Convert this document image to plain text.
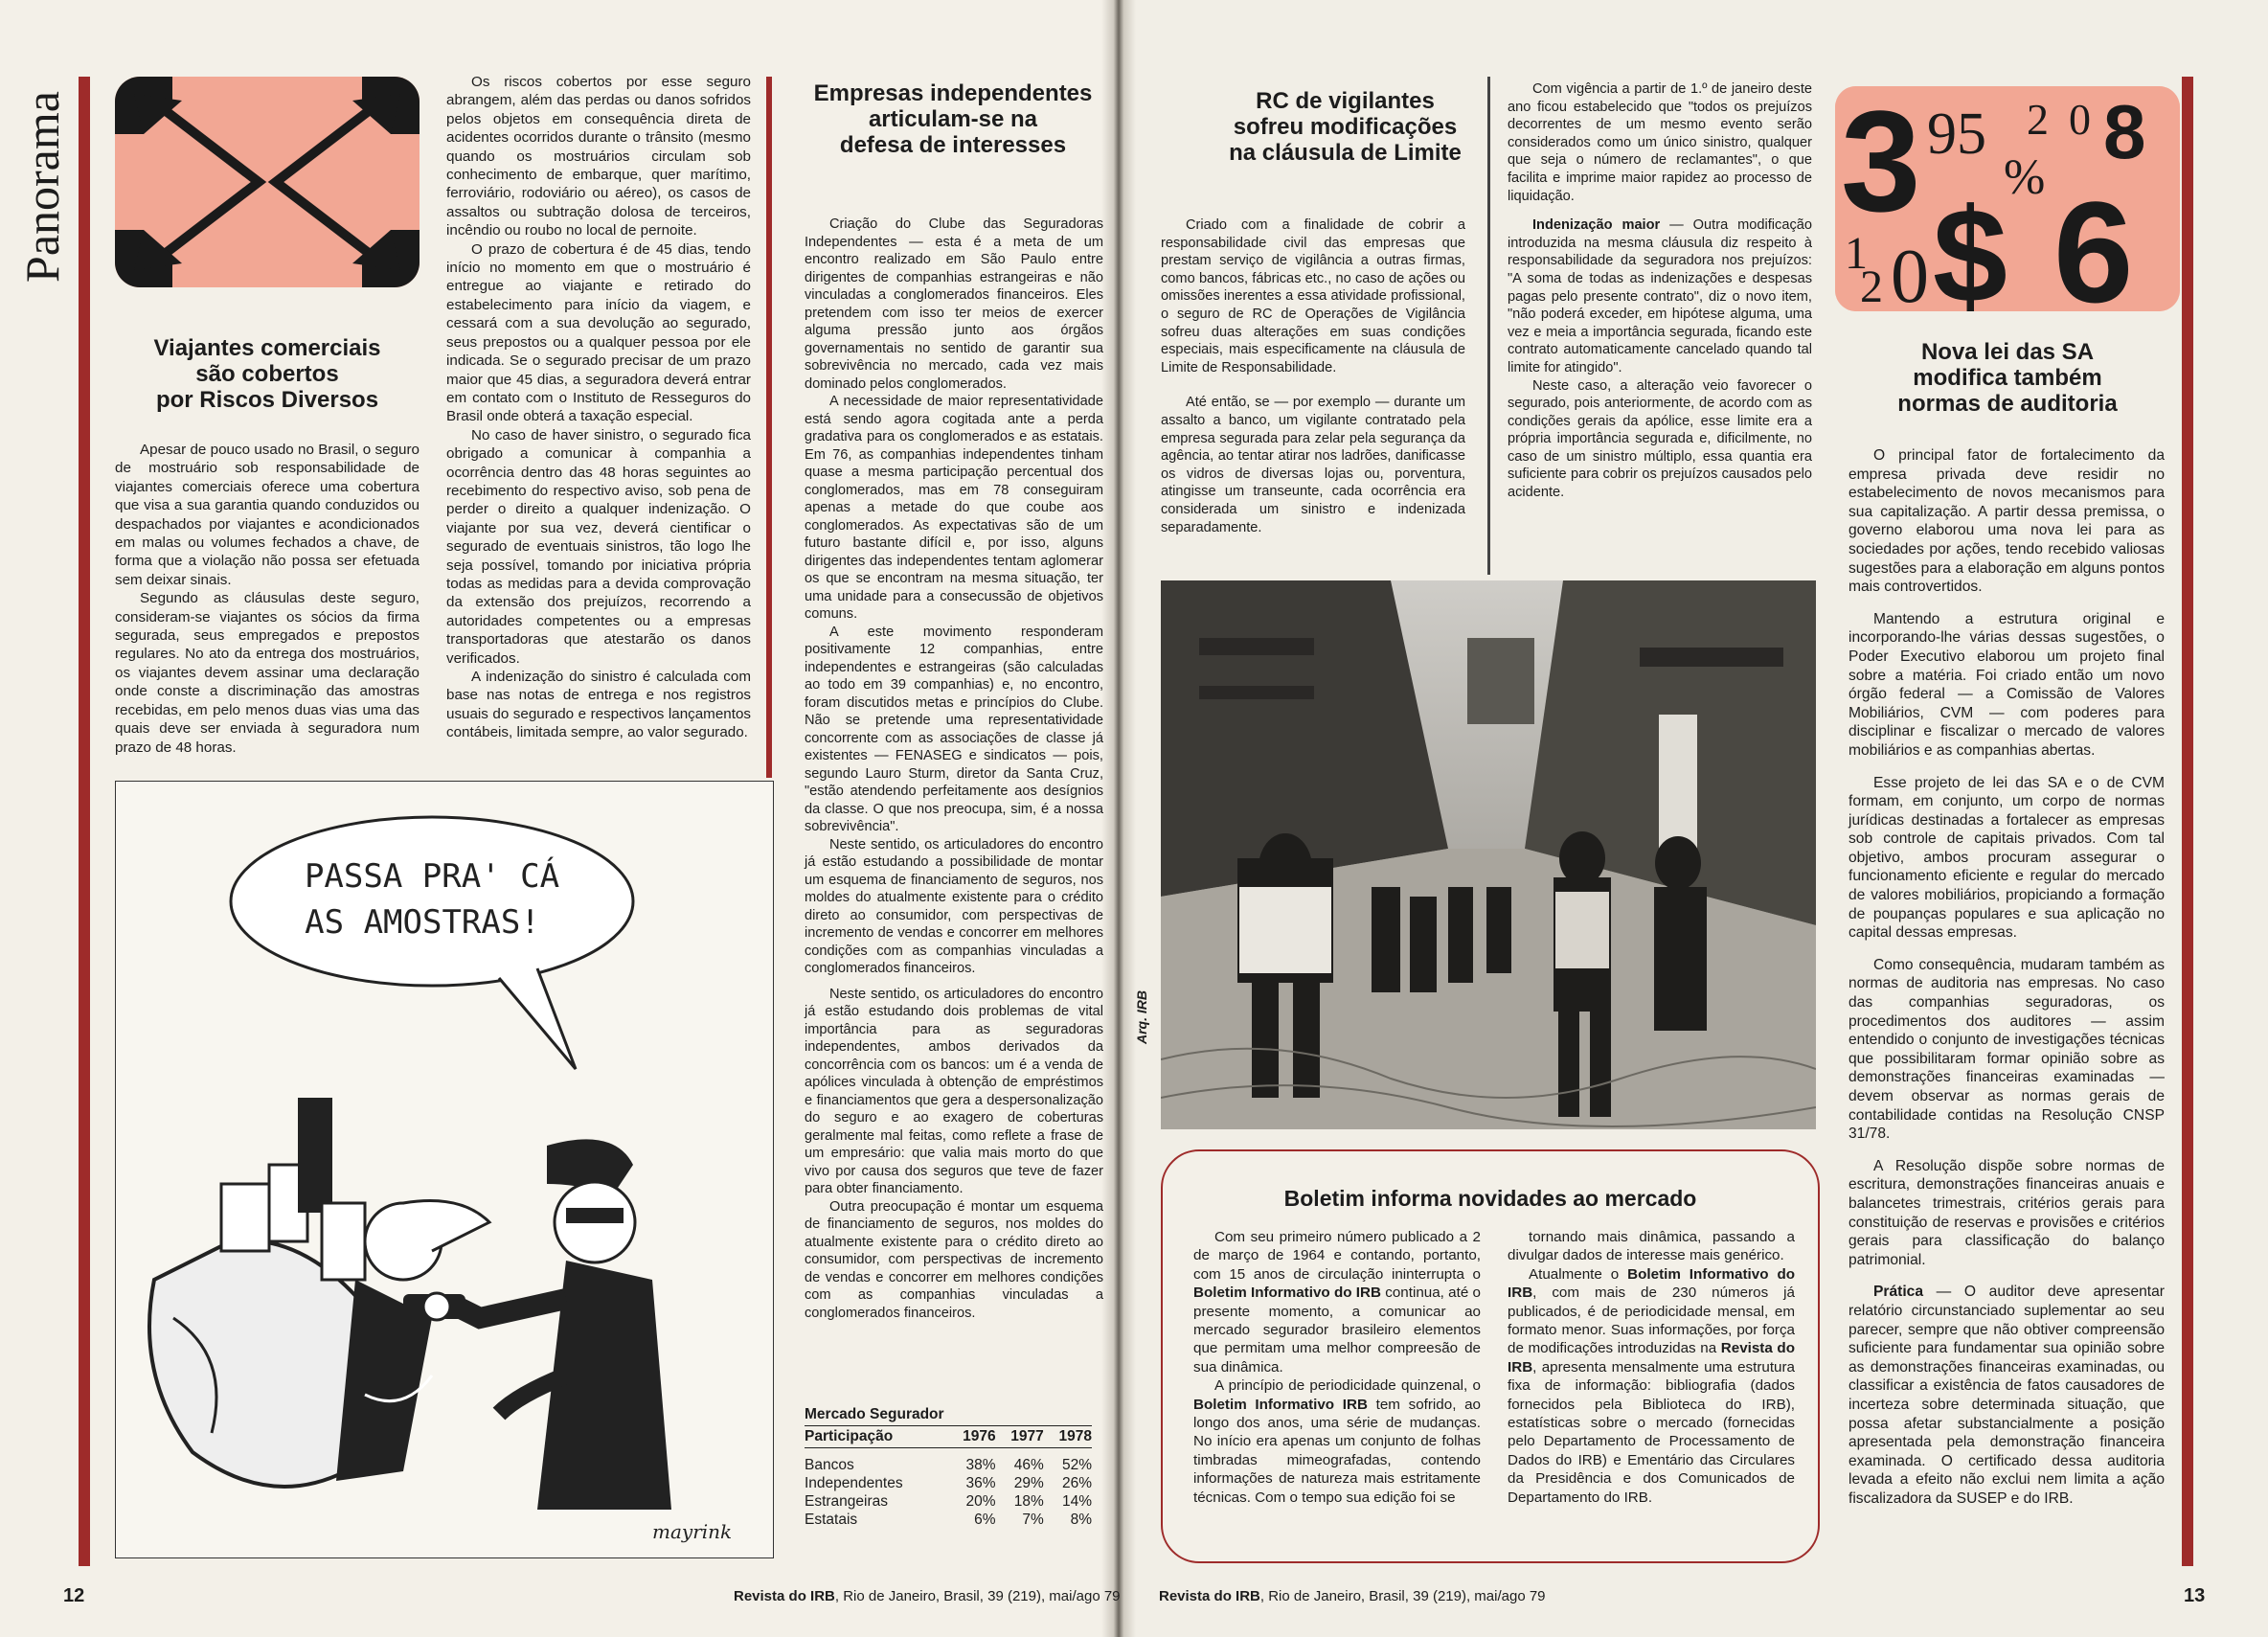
Panorama
Viajantes comerciais
são cobertos
por Riscos Diversos

Apesar de pouco usado no Brasil, o seguro de mostruário sob responsabilidade de viajantes comerciais oferece uma cobertura que visa a sua garantia quando conduzidos ou despachados por viajantes e acondicionados em malas ou volumes fechados a chave, de forma que a violação não possa ser efetuada sem deixar sinais.

Segundo as cláusulas deste seguro, consideram-se viajantes os sócios da firma segurada, seus empregados e prepostos regulares. No ato da entrega dos mostruários, os viajantes devem assinar uma declaração onde conste a discriminação das amostras recebidas, em pelo menos duas vias uma das quais deve ser enviada à seguradora num prazo de 48 horas.

Os riscos cobertos por esse seguro abrangem, além das perdas ou danos sofridos pelos objetos em consequência direta de acidentes ocorridos durante o trânsito (mesmo quando os mostruários circulam sob conhecimento de embarque, quer marítimo, ferroviário, rodoviário ou aéreo), os casos de assaltos ou subtração dolosa de terceiros, incêndio ou roubo no local de pernoite.

O prazo de cobertura é de 45 dias, tendo início no momento em que o mostruário é entregue ao viajante e retirado do estabelecimento para início da viagem, e cessará com a sua devolução ao segurado, seus prepostos ou a qualquer pessoa por ele indicada. Se o segurado precisar de um prazo maior que 45 dias, a seguradora deverá entrar em contato com o Instituto de Resseguros do Brasil onde obterá a taxação especial.

No caso de haver sinistro, o segurado fica obrigado a comunicar à companhia a ocorrência dentro das 48 horas seguintes ao recebimento do respectivo aviso, sob pena de perder o direito a qualquer indenização. O viajante por sua vez, deverá cientificar o segurado de eventuais sinistros, tão logo lhe seja possível, tomando por iniciativa própria todas as medidas para a devida comprovação da extensão dos prejuízos, recorrendo a autoridades competentes ou a empresas transportadoras que atestarão os danos verificados.

A indenização do sinistro é calculada com base nas notas de entrega e nos registros usuais do segurado e respectivos lançamentos contábeis, limitada sempre, ao valor segurado.

PASSA PRA' CÁ
AS AMOSTRAS!
mayrink
Empresas independentes
articulam-se na
defesa de interesses

Criação do Clube das Seguradoras Independentes — esta é a meta de um encontro realizado em São Paulo entre dirigentes de companhias estrangeiras e não vinculadas a conglomerados financeiros. Eles pretendem com isso ter meios de exercer alguma pressão junto aos órgãos governamentais no sentido de garantir sua sobrevivência no mercado, cada vez mais dominado pelos conglomerados.

A necessidade de maior representatividade está sendo agora cogitada ante a perda gradativa para os conglomerados e as estatais. Em 76, as companhias independentes tinham quase a mesma participação percentual dos conglomerados, mas em 78 conseguiram apenas a metade do que coube aos conglomerados. As expectativas são de um futuro bastante difícil e, por isso, alguns dirigentes das independentes tentam aglomerar os que se encontram na mesma situação, ter uma unidade para a consecussão de objetivos comuns.

A este movimento responderam positivamente 12 companhias, entre independentes e estrangeiras (são calculadas ao todo em 39 companhias) e, no encontro, foram discutidos metas e princípios do Clube. Não se pretende uma representatividade concorrente com as associações de classe já existentes — FENASEG e sindicatos — pois, segundo Lauro Sturm, diretor da Santa Cruz, "estão atendendo perfeitamente aos desígnios da classe. O que nos preocupa, sim, é a nossa sobrevivência".

Neste sentido, os articuladores do encontro já estão estudando a possibilidade de montar um esquema de financiamento de seguros, nos moldes do atualmente existente para o crédito direto ao consumidor, com perspectivas de incremento de vendas e concorrer em melhores condições com as companhias vinculadas a conglomerados financeiros.

Neste sentido, os articuladores do encontro já estão estudando dois problemas de vital importância para as seguradoras independentes, ambos derivados da concorrência com os bancos: um é a venda de apólices vinculada à obtenção de empréstimos e financiamentos que gera a despersonalização do seguro e ao exagero de coberturas geralmente mal feitas, como reflete a frase de um empresário: que valia mais morto do que vivo por causa dos seguros que teve de fazer para obter financiamento.

Outra preocupação é montar um esquema de financiamento de seguros, nos moldes do atualmente existente para o crédito direto ao consumidor, com perspectivas de incremento de vendas e concorrer em melhores condições com as companhias vinculadas a conglomerados financeiros.

Mercado Segurador
Participação	1976	1977	1978

Bancos	38%	46%	52%
Independentes	36%	29%	26%
Estrangeiras	20%	18%	14%
Estatais	6%	7%	8%
12	Revista do IRB, Rio de Janeiro, Brasil, 39 (219), mai/ago 79
RC de vigilantes
sofreu modificações
na cláusula de Limite

Criado com a finalidade de cobrir a responsabilidade civil das empresas que prestam serviço de vigilância a outras firmas, como bancos, fábricas etc., no caso de ações ou omissões inerentes a essa atividade profissional, o seguro de RC de Operações de Vigilância sofreu duas alterações em suas condições especiais, mais especificamente na cláusula de Limite de Responsabilidade.

Até então, se — por exemplo — durante um assalto a banco, um vigilante contratado pela empresa segurada para zelar pela segurança da agência, ao tentar atirar nos ladrões, danificasse os vidros de diversas lojas ou, porventura, atingisse um transeunte, cada ocorrência era considerada um sinistro e indenizada separadamente.

Com vigência a partir de 1.º de janeiro deste ano ficou estabelecido que "todos os prejuízos decorrentes de um mesmo evento serão considerados como um único sinistro, qualquer que seja o número de reclamantes", o que facilita e imprime maior rapidez ao processo de liquidação.

Indenização maior — Outra modificação introduzida na mesma cláusula diz respeito à responsabilidade da seguradora nos prejuízos: "A soma de todas as indenizações e despesas pagas pelo presente contrato", diz o novo item, "não poderá exceder, em hipótese alguma, uma vez e meia a importância segurada, ficando este contrato automaticamente cancelado quando tal limite for atingido".

Neste caso, a alteração veio favorecer o segurado, pois anteriormente, de acordo com as condições gerais da apólice, esse limite era a própria importância segurada e, dificilmente, no caso de um sinistro múltiplo, essa quantia era suficiente para cobrir os prejuízos causados pelo acidente.

Arq. IRB
Boletim informa novidades ao mercado

Com seu primeiro número publicado a 2 de março de 1964 e contando, portanto, com 15 anos de circulação ininterrupta o Boletim Informativo do IRB continua, até o presente momento, a comunicar ao mercado segurador brasileiro elementos que permitam uma melhor compreesão de sua dinâmica.

A princípio de periodicidade quinzenal, o Boletim Informativo IRB tem sofrido, ao longo dos anos, uma série de mudanças. No início era apenas um conjunto de folhas timbradas mimeografadas, contendo informações de natureza mais estritamente técnicas. Com o tempo sua edição foi se

tornando mais dinâmica, passando a divulgar dados de interesse mais genérico.

Atualmente o Boletim Informativo do IRB, com mais de 230 números já publicados, é de periodicidade mensal, em formato menor. Suas informações, por força de modificações introduzidas na Revista do IRB, apresenta mensalmente uma estrutura fixa de informação: bibliografia (dados fornecidos pela Biblioteca do IRB), estatísticas sobre o mercado (fornecidas pelo Departamento de Processamento de Dados do IRB) e Ementário das Circulares da Presidência e dos Comunicados de Departamento do IRB.

3 95
%
2 0 8
1
2 0 $ 6
Nova lei das SA
modifica também
normas de auditoria

O principal fator de fortalecimento da empresa privada deve residir no estabelecimento de novos mecanismos para sua capitalização. A partir dessa premissa, o governo elaborou uma nova lei para as sociedades por ações, tendo recebido valiosas sugestões para a elaboração em alguns pontos mais controvertidos.

Mantendo a estrutura original e incorporando-lhe várias dessas sugestões, o Poder Executivo elaborou um projeto final sobre a matéria. Foi criado então um novo órgão federal — a Comissão de Valores Mobiliários, CVM — com poderes para disciplinar e fiscalizar o mercado de valores mobiliários e as companhias abertas.

Esse projeto de lei das SA e o de CVM formam, em conjunto, um corpo de normas jurídicas destinadas a fortalecer as empresas sob controle de capitais privados. Com tal objetivo, ambos procuram assegurar o funcionamento eficiente e regular do mercado de valores mobiliários, propiciando a formação de poupanças populares e sua aplicação no capital dessas empresas.

Como consequência, mudaram também as normas de auditoria nas empresas. No caso das companhias seguradoras, os procedimentos dos auditores — assim entendido o conjunto de investigações técnicas que possibilitaram formar opinião sobre as demonstrações financeiras examinadas — devem observar as normas gerais de contabilidade contidas na Resolução CNSP 31/78.

A Resolução dispõe sobre normas de escritura, demonstrações financeiras anuais e balancetes trimestrais, critérios gerais para constituição de reservas e provisões e critérios gerais para classificação do balanço patrimonial.

Prática — O auditor deve apresentar relatório circunstanciado suplementar ao seu parecer, sempre que não obtiver compreensão suficiente para fundamentar sua opinião sobre as demonstrações financeiras examinadas, ou classificar a existência de fatos causadores de incerteza sobre determinada situação, que possa afetar substancialmente a posição apresentada pela demonstração financeira examinada. O certificado dessa auditoria levada a efeito não exclui nem limita a ação fiscalizadora da SUSEP e do IRB.

Revista do IRB, Rio de Janeiro, Brasil, 39 (219), mai/ago 79	13
